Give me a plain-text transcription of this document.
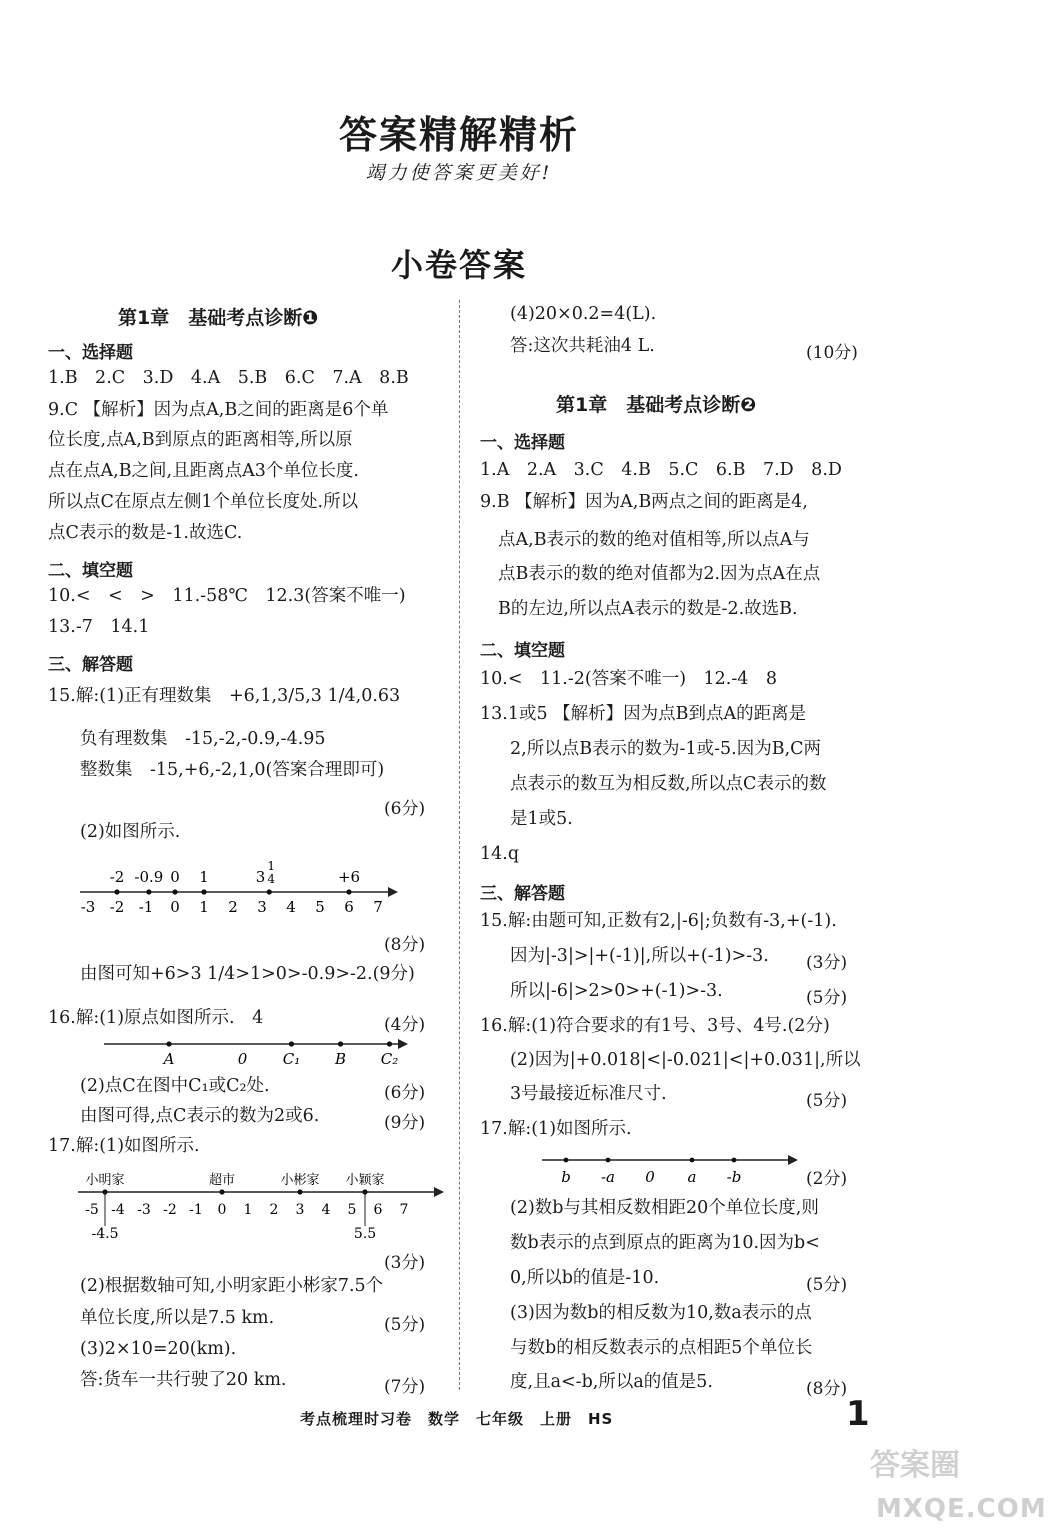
答案精解精析
竭力使答案更美好!
小卷答案
第1章　基础考点诊断❶
一、选择题
1.B　2.C　3.D　4.A　5.B　6.C　7.A　8.B
9.C 【解析】因为点A,B之间的距离是6个单
位长度,点A,B到原点的距离相等,所以原
点在点A,B之间,且距离点A3个单位长度.
所以点C在原点左侧1个单位长度处.所以
点C表示的数是-1.故选C.
二、填空题
10.<　<　>　11.-58℃　12.3(答案不唯一)
13.-7　14.1
三、解答题
15.解:(1)正有理数集　+6,1,3/5,3 1/4,0.63
负有理数集　-15,-2,-0.9,-4.95
整数集　-15,+6,-2,1,0(答案合理即可)
(6分)
(2)如图所示.
-3 -2 -1 0 1 2 3 4 5 6 7
-2 -0.9 0 1	3
1
4	+6
(8分)
由图可知+6>3 1/4>1>0>-0.9>-2.(9分)
16.解:(1)原点如图所示.　4	(4分)
A	0 C₁ B C₂
(2)点C在图中C₁或C₂处.	(6分)
由图可得,点C表示的数为2或6.	(9分)
17.解:(1)如图所示.
-5 -4 -3 -2 -1 0 1 2 3 4 5 6 7
小明家	超市	小彬家 小颖家
-4.5	5.5
(3分)
(2)根据数轴可知,小明家距小彬家7.5个
单位长度,所以是7.5 km.	(5分)
(3)2×10=20(km).
答:货车一共行驶了20 km.	(7分)
(4)20×0.2=4(L).
答:这次共耗油4 L.	(10分)
第1章　基础考点诊断❷
一、选择题
1.A　2.A　3.C　4.B　5.C　6.B　7.D　8.D
9.B 【解析】因为A,B两点之间的距离是4,
点A,B表示的数的绝对值相等,所以点A与
点B表示的数的绝对值都为2.因为点A在点
B的左边,所以点A表示的数是-2.故选B.
二、填空题
10.<　11.-2(答案不唯一)　12.-4　8
13.1或5 【解析】因为点B到点A的距离是
2,所以点B表示的数为-1或-5.因为B,C两
点表示的数互为相反数,所以点C表示的数
是1或5.
14.q
三、解答题
15.解:由题可知,正数有2,|-6|;负数有-3,+(-1).
因为|-3|>|+(-1)|,所以+(-1)>-3. (3分)
所以|-6|>2>0>+(-1)>-3.	(5分)
16.解:(1)符合要求的有1号、3号、4号.(2分)
(2)因为|+0.018|<|-0.021|<|+0.031|,所以
3号最接近标准尺寸.	(5分)
17.解:(1)如图所示.
b -a 0 a -b	(2分)
(2)数b与其相反数相距20个单位长度,则
数b表示的点到原点的距离为10.因为b<
0,所以b的值是-10.	(5分)
(3)因为数b的相反数为10,数a表示的点
与数b的相反数表示的点相距5个单位长
度,且a<-b,所以a的值是5.	(8分)
考点梳理时习卷　数学　七年级　上册　HS	1
答案圈
MXQE.COM
